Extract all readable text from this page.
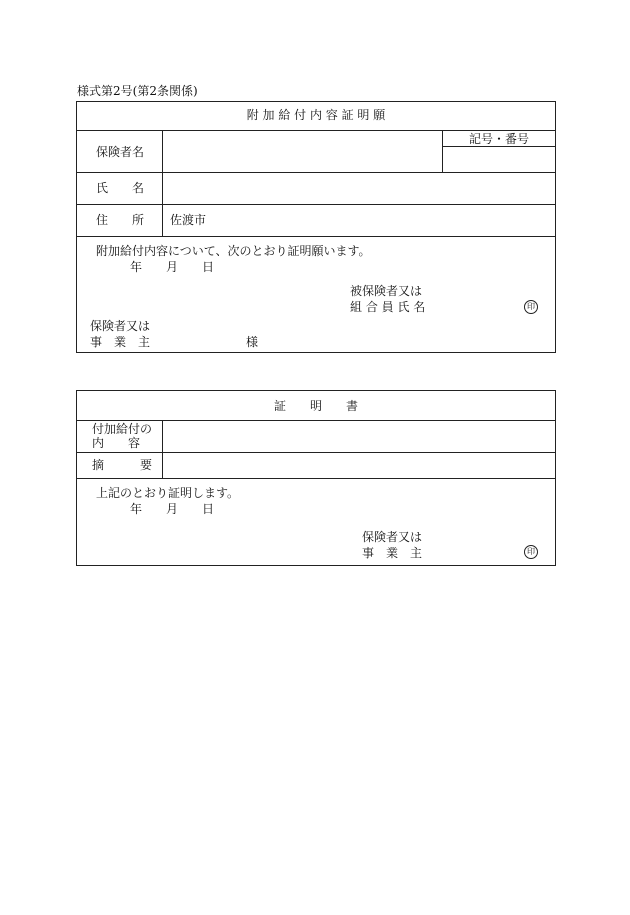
様式第2号(第2条関係)
附 加 給 付 内 容 証 明 願
保険者名
記号・番号
氏　　名
住　　所 佐渡市
附加給付内容について、次のとおり証明願います。
年　　月　　日
被保険者又は
組 合 員 氏 名	印
保険者又は
事　業　主	様
証　　明　　書
付加給付の
内　　容
摘　　　要
上記のとおり証明します。
年　　月　　日
保険者又は
事　業　主	印
